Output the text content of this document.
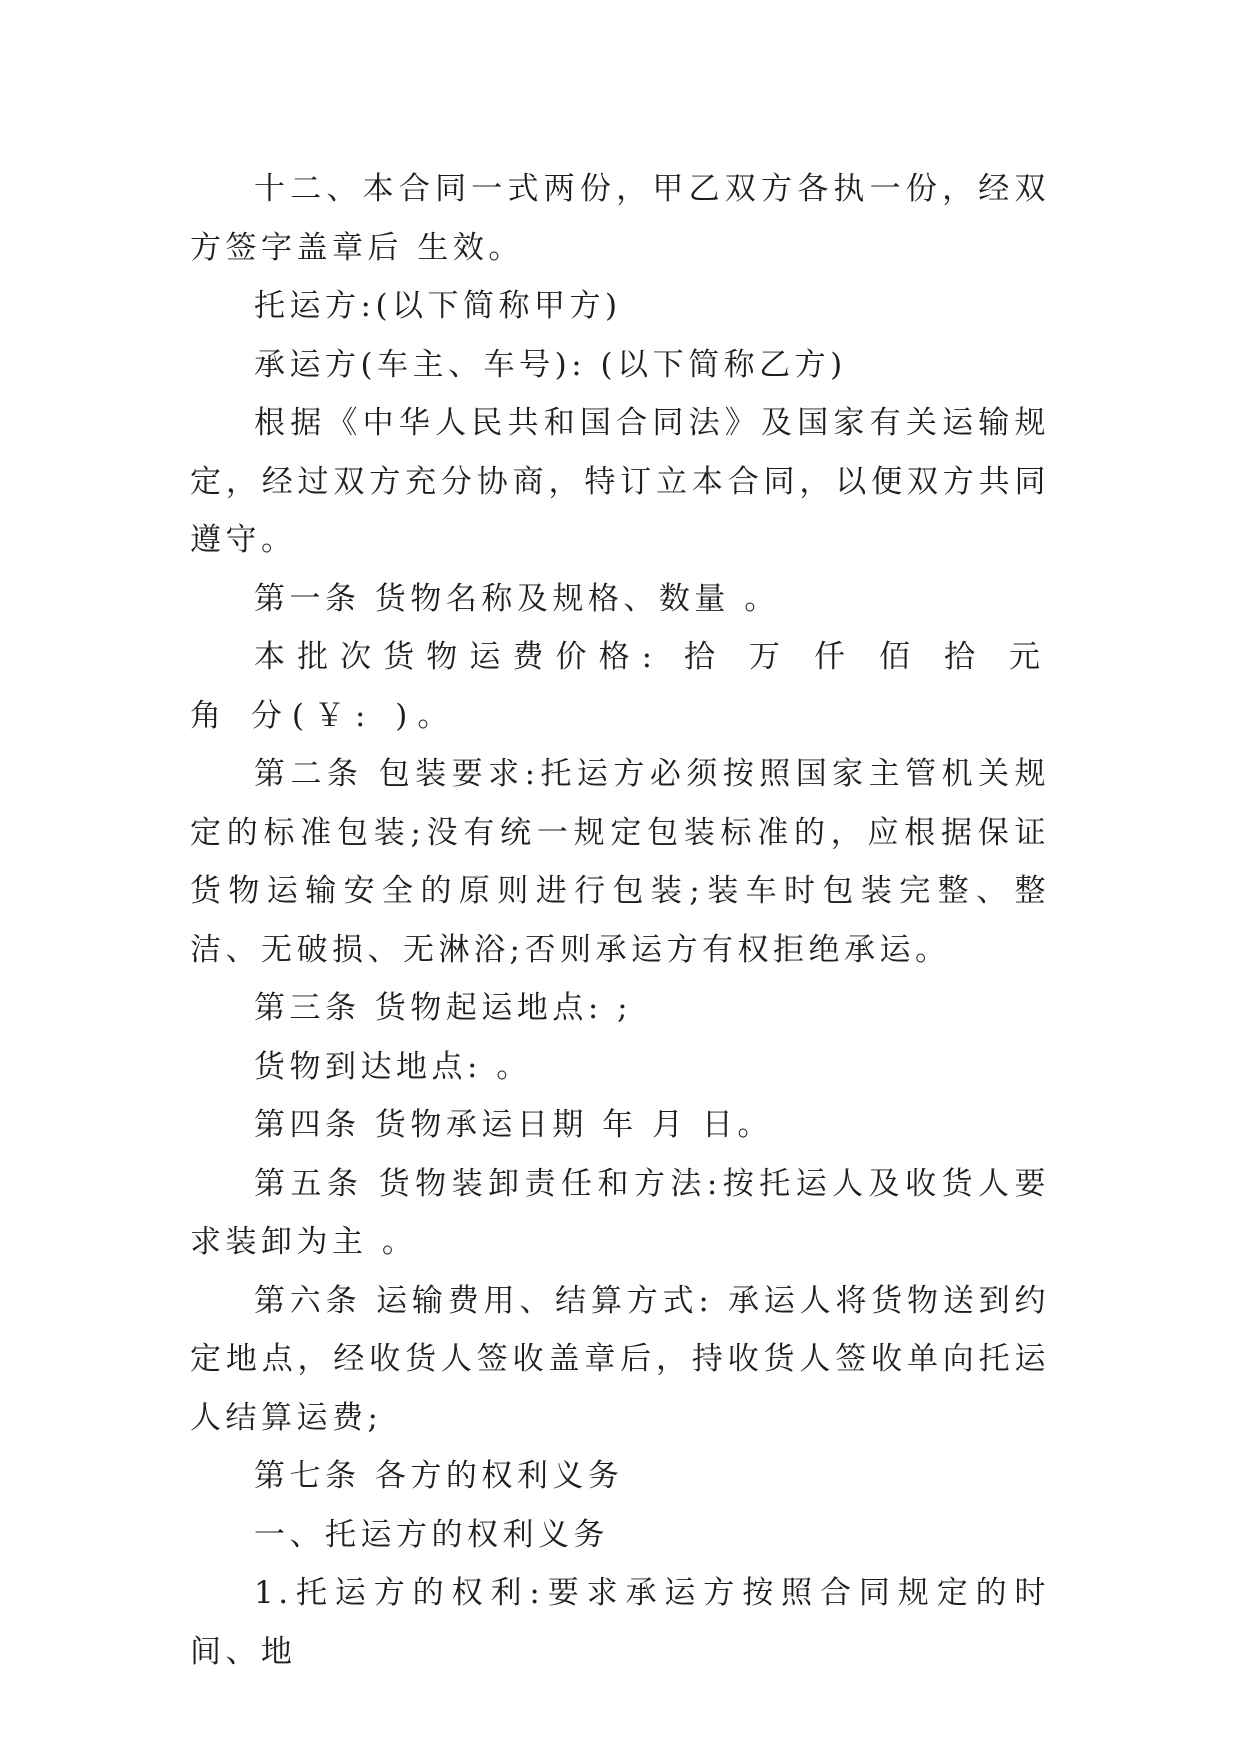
十二、本合同一式两份，甲乙双方各执一份，经双方签字盖章后 生效。

托运方:(以下简称甲方)

承运方(车主、车号): (以下简称乙方)

根据《中华人民共和国合同法》及国家有关运输规定，经过双方充分协商，特订立本合同，以便双方共同遵守。

第一条 货物名称及规格、数量 。

本批次货物运费价格: 拾 万 仟 佰 拾 元 角 分(￥: )。

第二条 包装要求:托运方必须按照国家主管机关规定的标准包装;没有统一规定包装标准的，应根据保证货物运输安全的原则进行包装;装车时包装完整、整洁、无破损、无淋浴;否则承运方有权拒绝承运。

第三条 货物起运地点: ;

货物到达地点: 。

第四条 货物承运日期 年 月 日。

第五条 货物装卸责任和方法:按托运人及收货人要求装卸为主 。

第六条 运输费用、结算方式: 承运人将货物送到约定地点，经收货人签收盖章后，持收货人签收单向托运人结算运费;

第七条 各方的权利义务

一、托运方的权利义务

1.托运方的权利:要求承运方按照合同规定的时间、地
